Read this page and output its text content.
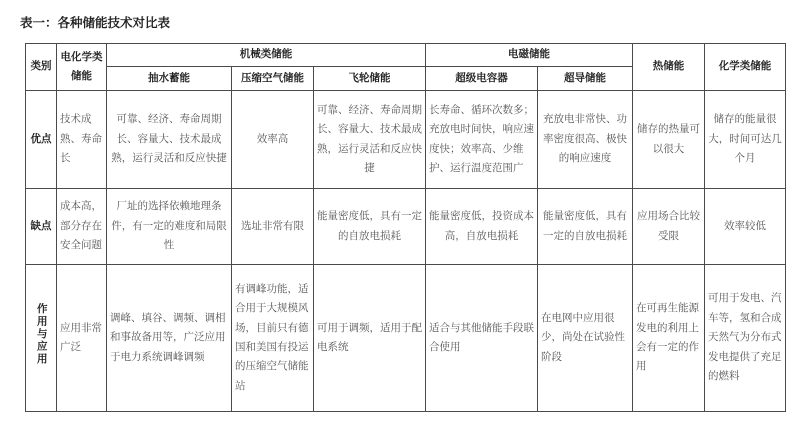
表一：各种储能技术对比表
类别	电化学类储能	机械类储能			电磁储能		热储能	化学类储能
		抽水蓄能	压缩空气储能	飞轮储能	超级电容器	超导储能		
优点	技术成熟、寿命长	可靠、经济、寿命周期长、容量大、技术最成熟，运行灵活和反应快捷	效率高	可靠、经济、寿命周期长、容量大、技术最成熟，运行灵活和反应快捷	长寿命、循环次数多；充放电时间快，响应速度快；效率高、少维护、运行温度范围广	充放电非常快、功率密度很高、极快的响应速度	储存的热量可以很大	储存的能量很大，时间可达几个月
缺点	成本高，部分存在安全问题	厂址的选择依赖地理条件，有一定的难度和局限性	选址非常有限	能量密度低，具有一定的自放电损耗	能量密度低，投资成本高，自放电损耗	能量密度低，具有一定的自放电损耗	应用场合比较受限	效率较低
作用与应用	应用非常广泛	调峰、填谷、调频、调相和事故备用等，广泛应用于电力系统调峰调频	有调峰功能，适合用于大规模风场，目前只有德国和美国有投运的压缩空气储能站	可用于调频，适用于配电系统	适合与其他储能手段联合使用	在电网中应用很少，尚处在试验性阶段	在可再生能源发电的利用上会有一定的作用	可用于发电、汽车等，氢和合成天然气为分布式发电提供了充足的燃料
